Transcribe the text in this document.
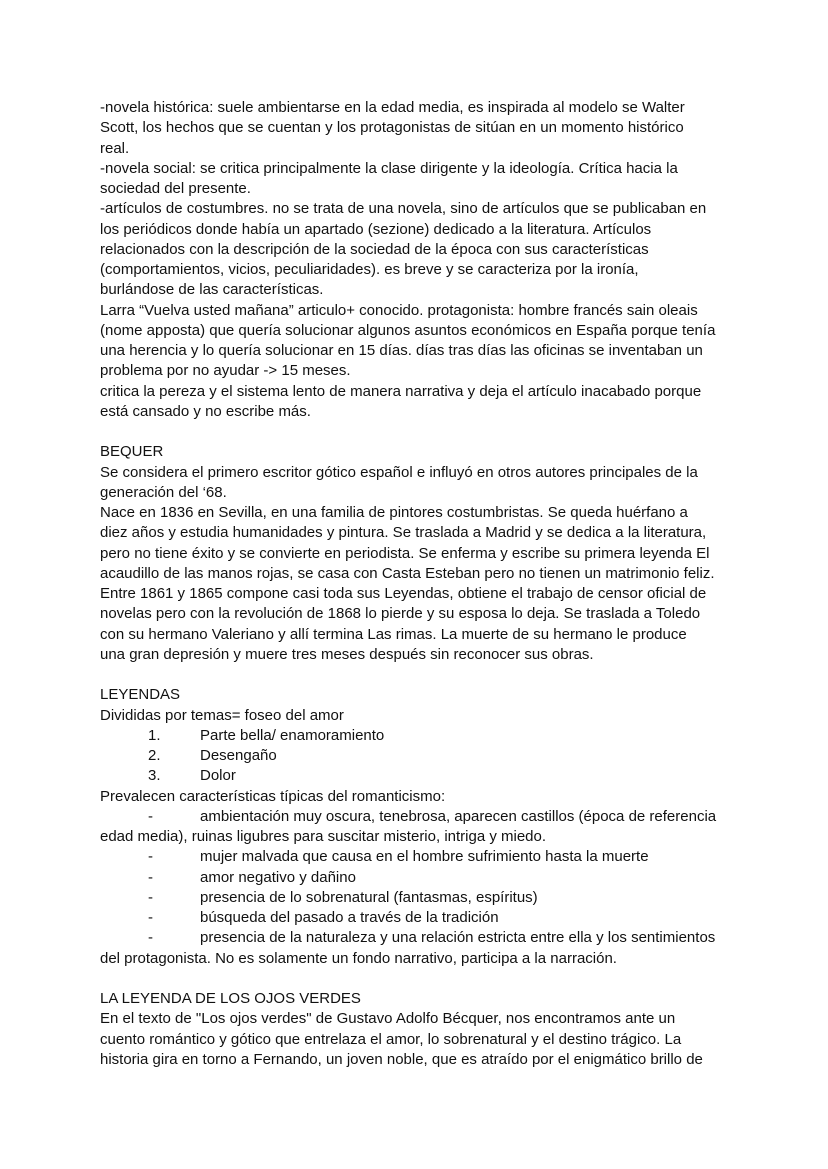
-novela histórica: suele ambientarse en la edad media, es inspirada al modelo se Walter
Scott, los hechos que se cuentan y los protagonistas de sitúan en un momento histórico
real.
-novela social: se critica principalmente la clase dirigente y la ideología. Crítica hacia la
sociedad del presente.
-artículos de costumbres. no se trata de una novela, sino de artículos que se publicaban en
los periódicos donde había un apartado (sezione) dedicado a la literatura. Artículos
relacionados con la descripción de la sociedad de la época con sus características
(comportamientos, vicios, peculiaridades). es breve y se caracteriza por la ironía,
burlándose de las características.
Larra “Vuelva usted mañana” articulo+ conocido. protagonista: hombre francés sain oleais
(nome apposta) que quería solucionar algunos asuntos económicos en España porque tenía
una herencia y lo quería solucionar en 15 días. días tras días las oficinas se inventaban un
problema por no ayudar -> 15 meses.
critica la pereza y el sistema lento de manera narrativa y deja el artículo inacabado porque
está cansado y no escribe más.
BEQUER
Se considera el primero escritor gótico español e influyó en otros autores principales de la
generación del ‘68.
Nace en 1836 en Sevilla, en una familia de pintores costumbristas. Se queda huérfano a
diez años y estudia humanidades y pintura. Se traslada a Madrid y se dedica a la literatura,
pero no tiene éxito y se convierte en periodista. Se enferma y escribe su primera leyenda El
acaudillo de las manos rojas, se casa con Casta Esteban pero no tienen un matrimonio feliz.
Entre 1861 y 1865 compone casi toda sus Leyendas, obtiene el trabajo de censor oficial de
novelas pero con la revolución de 1868 lo pierde y su esposa lo deja. Se traslada a Toledo
con su hermano Valeriano y allí termina Las rimas. La muerte de su hermano le produce
una gran depresión y muere tres meses después sin reconocer sus obras.
LEYENDAS
Divididas por temas= foseo del amor
1.	Parte bella/ enamoramiento
2.	Desengaño
3.	Dolor
Prevalecen características típicas del romanticismo:
-	ambientación muy oscura, tenebrosa, aparecen castillos (época de referencia
edad media), ruinas ligubres para suscitar misterio, intriga y miedo.
-	mujer malvada que causa en el hombre sufrimiento hasta la muerte
-	amor negativo y dañino
-	presencia de lo sobrenatural (fantasmas, espíritus)
-	búsqueda del pasado a través de la tradición
-	presencia de la naturaleza y una relación estricta entre ella y los sentimientos
del protagonista. No es solamente un fondo narrativo, participa a la narración.
LA LEYENDA DE LOS OJOS VERDES
En el texto de "Los ojos verdes" de Gustavo Adolfo Bécquer, nos encontramos ante un
cuento romántico y gótico que entrelaza el amor, lo sobrenatural y el destino trágico. La
historia gira en torno a Fernando, un joven noble, que es atraído por el enigmático brillo de
